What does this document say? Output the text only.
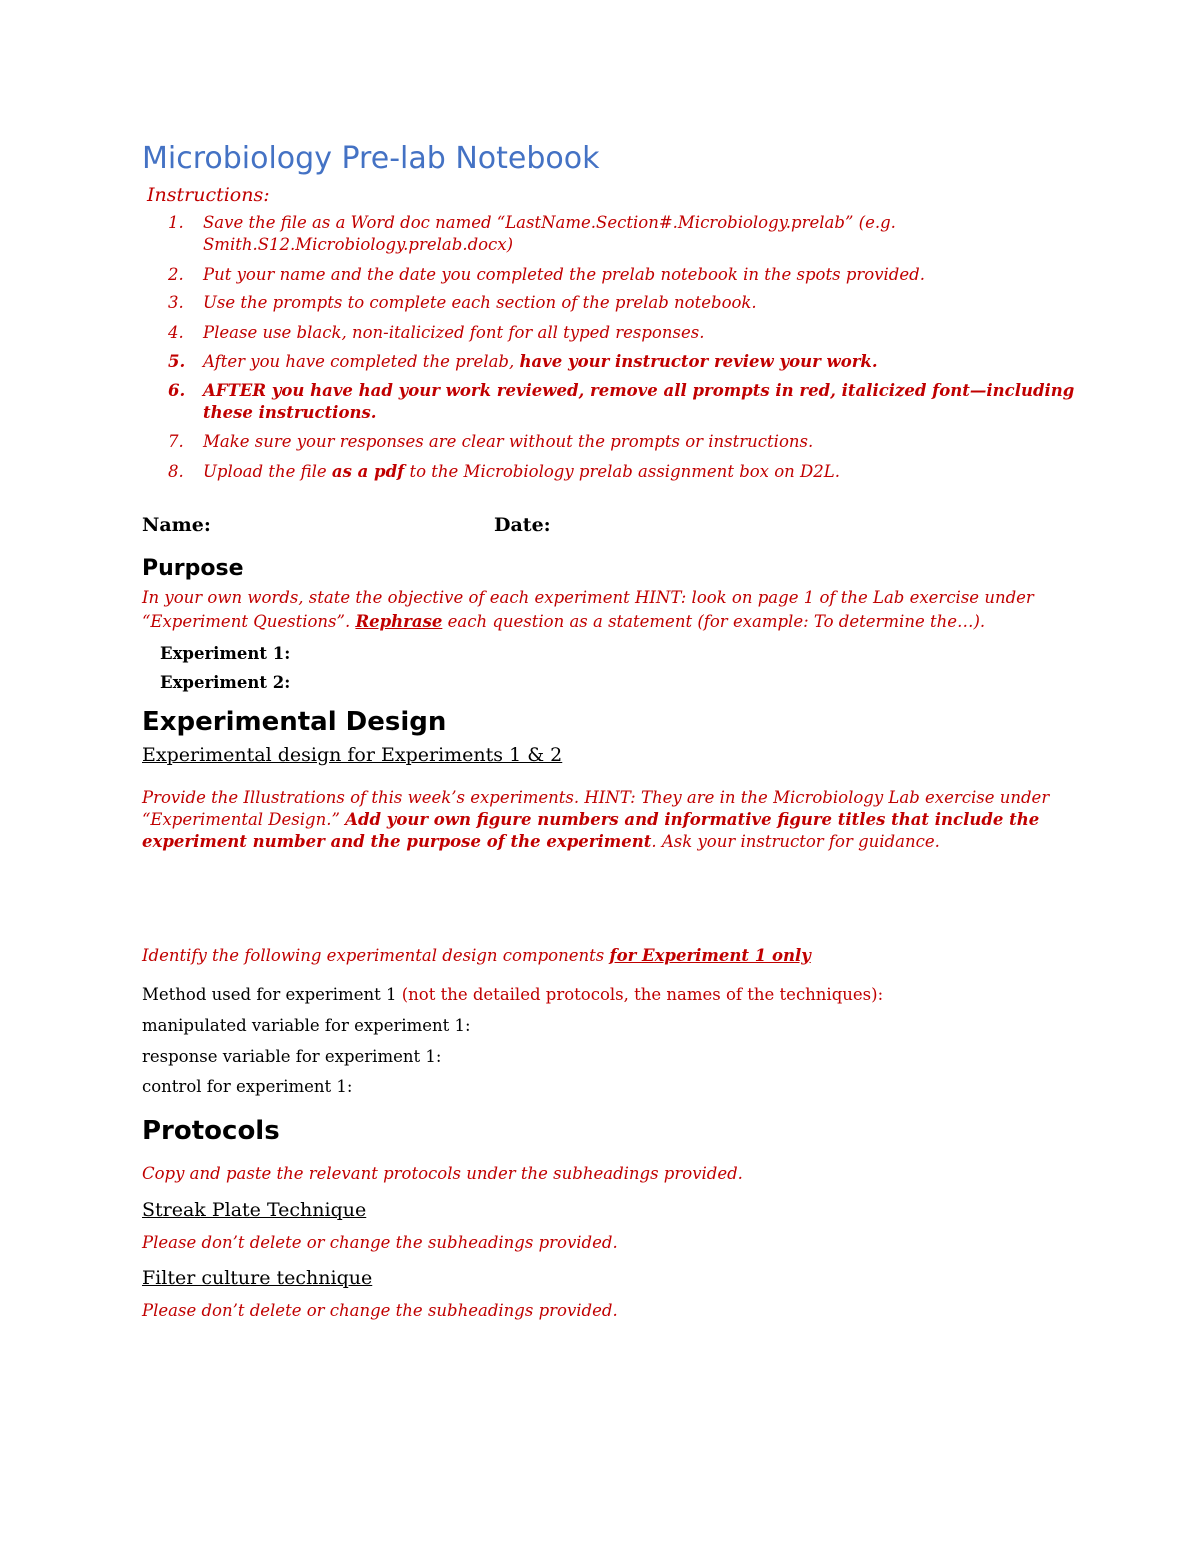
Microbiology Pre-lab Notebook
Instructions:
1. Save the file as a Word doc named “LastName.Section#.Microbiology.prelab” (e.g.
Smith.S12.Microbiology.prelab.docx)
2. Put your name and the date you completed the prelab notebook in the spots provided.
3. Use the prompts to complete each section of the prelab notebook.
4. Please use black, non-italicized font for all typed responses.
5. After you have completed the prelab, have your instructor review your work.
6. AFTER you have had your work reviewed, remove all prompts in red, italicized font—including
these instructions.
7. Make sure your responses are clear without the prompts or instructions.
8. Upload the file as a pdf to the Microbiology prelab assignment box on D2L.
Name:	Date:
Purpose
In your own words, state the objective of each experiment HINT: look on page 1 of the Lab exercise under
“Experiment Questions”. Rephrase each question as a statement (for example: To determine the…).
Experiment 1:
Experiment 2:
Experimental Design
Experimental design for Experiments 1 & 2
Provide the Illustrations of this week’s experiments. HINT: They are in the Microbiology Lab exercise under
“Experimental Design.” Add your own figure numbers and informative figure titles that include the
experiment number and the purpose of the experiment. Ask your instructor for guidance.
Identify the following experimental design components for Experiment 1 only
Method used for experiment 1 (not the detailed protocols, the names of the techniques):
manipulated variable for experiment 1:
response variable for experiment 1:
control for experiment 1:
Protocols
Copy and paste the relevant protocols under the subheadings provided.
Streak Plate Technique
Please don’t delete or change the subheadings provided.
Filter culture technique
Please don’t delete or change the subheadings provided.
